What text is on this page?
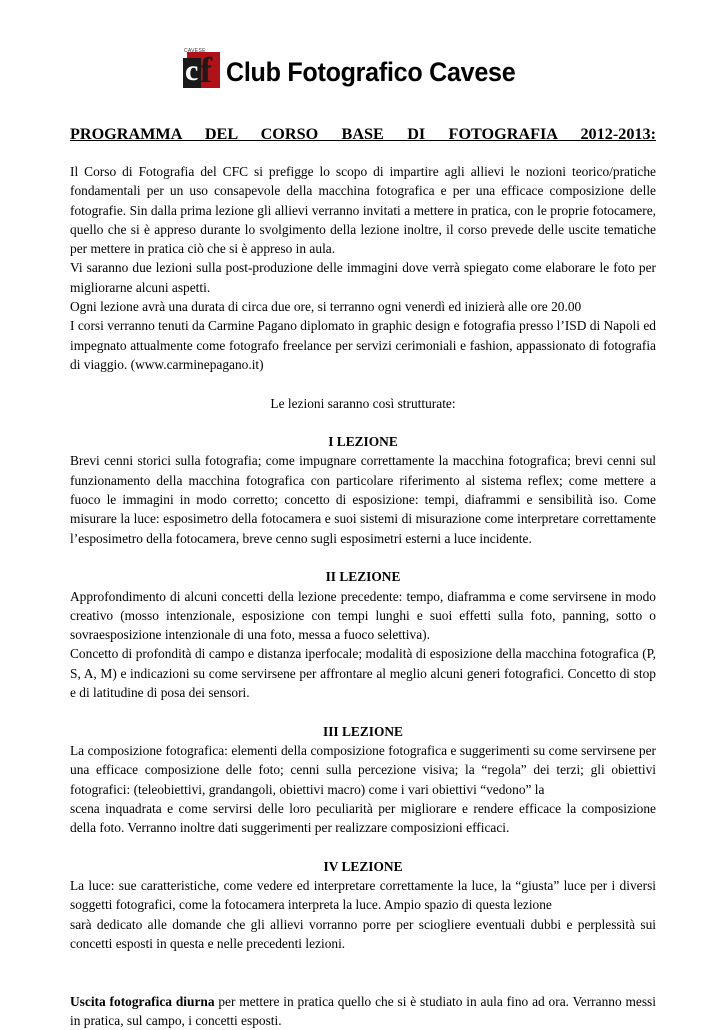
CAVESE
c f Club Fotografico Cavese
PROGRAMMA DEL CORSO BASE DI FOTOGRAFIA 2012-2013:

Il Corso di Fotografia del CFC si prefigge lo scopo di impartire agli allievi le nozioni teorico/pratiche fondamentali per un uso consapevole della macchina fotografica e per una efficace composizione delle fotografie. Sin dalla prima lezione gli allievi verranno invitati a mettere in pratica, con le proprie fotocamere, quello che si è appreso durante lo svolgimento della lezione inoltre, il corso prevede delle uscite tematiche per mettere in pratica ciò che si è appreso in aula.

Vi saranno due lezioni sulla post-produzione delle immagini dove verrà spiegato come elaborare le foto per migliorarne alcuni aspetti.

Ogni lezione avrà una durata di circa due ore, si terranno ogni venerdì ed inizierà alle ore 20.00

I corsi verranno tenuti da Carmine Pagano diplomato in graphic design e fotografia presso l’ISD di Napoli ed impegnato attualmente come fotografo freelance per servizi cerimoniali e fashion, appassionato di fotografia di viaggio. (www.carminepagano.it)

Le lezioni saranno così strutturate:

I LEZIONE

Brevi cenni storici sulla fotografia; come impugnare correttamente la macchina fotografica; brevi cenni sul funzionamento della macchina fotografica con particolare riferimento al sistema reflex; come mettere a fuoco le immagini in modo corretto; concetto di esposizione: tempi, diaframmi e sensibilità iso. Come misurare la luce: esposimetro della fotocamera e suoi sistemi di misurazione come interpretare correttamente l’esposimetro della fotocamera, breve cenno sugli esposimetri esterni a luce incidente.

II LEZIONE

Approfondimento di alcuni concetti della lezione precedente: tempo, diaframma e come servirsene in modo creativo (mosso intenzionale, esposizione con tempi lunghi e suoi effetti sulla foto, panning, sotto o sovraesposizione intenzionale di una foto, messa a fuoco selettiva).

Concetto di profondità di campo e distanza iperfocale; modalità di esposizione della macchina fotografica (P, S, A, M) e indicazioni su come servirsene per affrontare al meglio alcuni generi fotografici. Concetto di stop e di latitudine di posa dei sensori.

III LEZIONE

La composizione fotografica: elementi della composizione fotografica e suggerimenti su come servirsene per una efficace composizione delle foto; cenni sulla percezione visiva; la “regola” dei terzi; gli obiettivi fotografici: (teleobiettivi, grandangoli, obiettivi macro) come i vari obiettivi “vedono” la

scena inquadrata e come servirsi delle loro peculiarità per migliorare e rendere efficace la composizione della foto. Verranno inoltre dati suggerimenti per realizzare composizioni efficaci.

IV LEZIONE

La luce: sue caratteristiche, come vedere ed interpretare correttamente la luce, la “giusta” luce per i diversi soggetti fotografici, come la fotocamera interpreta la luce. Ampio spazio di questa lezione

sarà dedicato alle domande che gli allievi vorranno porre per sciogliere eventuali dubbi e perplessità sui concetti esposti in questa e nelle precedenti lezioni.

Uscita fotografica diurna per mettere in pratica quello che si è studiato in aula fino ad ora. Verranno messi in pratica, sul campo, i concetti esposti.
